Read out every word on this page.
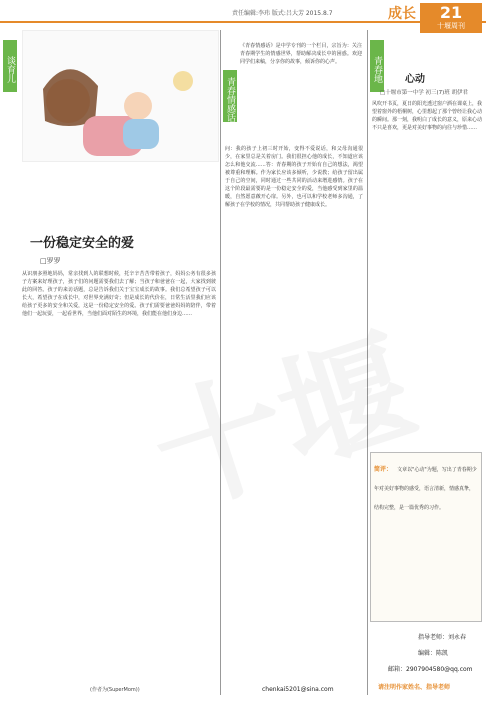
责任编辑:李玮 版式:吕大芳 2015.8.7	成长	21
十堰周刊
谈育儿
青春情感话
青春地
一份稳定安全的爱
□罗罗
从识朋多照地妈妈，常亲找到人的联想时候，托辛辛苦苦带着孩子，妈妈公务有很多孩子方案来好理孩子，孩子们的问题需要我们去了解；当孩子和爸爸在一起，大家找到彼此的回答。孩子的来访话题，总是告诉我们关于宝宝成长的故事。我们总希望孩子可以长大，希望孩子在成长中，对世界充满好奇；但是成长的代价在，日常生活里我们应该给孩子更多的安全和关爱，这是一份稳定安全的爱。孩子们需要爸爸妈妈的陪伴，带着他们一起玩耍，一起看世界，当他们面对陌生的环境，我们能在他们身边……
(作者为(SuperMom))
《青春情感话》是中学专刊的一个栏目，宗旨为：关注青春期学生的情感世界，帮助解决成长中的困惑。欢迎同学们来稿，分享你的故事，倾诉你的心声。
问：我的孩子上初三时开始，变得不爱说话，和父母沟通很少，在家里总是关着房门。我们很担心他的成长，不知道应该怎么和他交流……答：青春期的孩子开始有自己的想法，渴望被尊重和理解。作为家长应该多倾听，少说教；给孩子留出属于自己的空间，同时通过一些共同的活动来增进感情。孩子在这个阶段最需要的是一份稳定安全的爱，当他感受到家里的温暖，自然愿意敞开心扉。另外，也可以和学校老师多沟通，了解孩子在学校的情况，共同帮助孩子健康成长。
chenkai5201@sina.com
心动
□十堰市第一中学 初三(7)班 胡伊君
风吹开书页，夏日的阳光透过窗户洒在课桌上，我望着窗外的梧桐树，心里想起了那个曾经让我心动的瞬间。那一刻，我明白了成长的意义，原来心动不只是喜欢，更是对美好事物的向往与珍惜……
简评： 文章以"心动"为题，写出了青春期少年对美好事物的感受，语言清新，情感真挚，结构完整，是一篇优秀的习作。
指导老师：刘永春
编辑：陈凯
邮箱：2907904580@qq.com
请注明作家姓名、指导老师
